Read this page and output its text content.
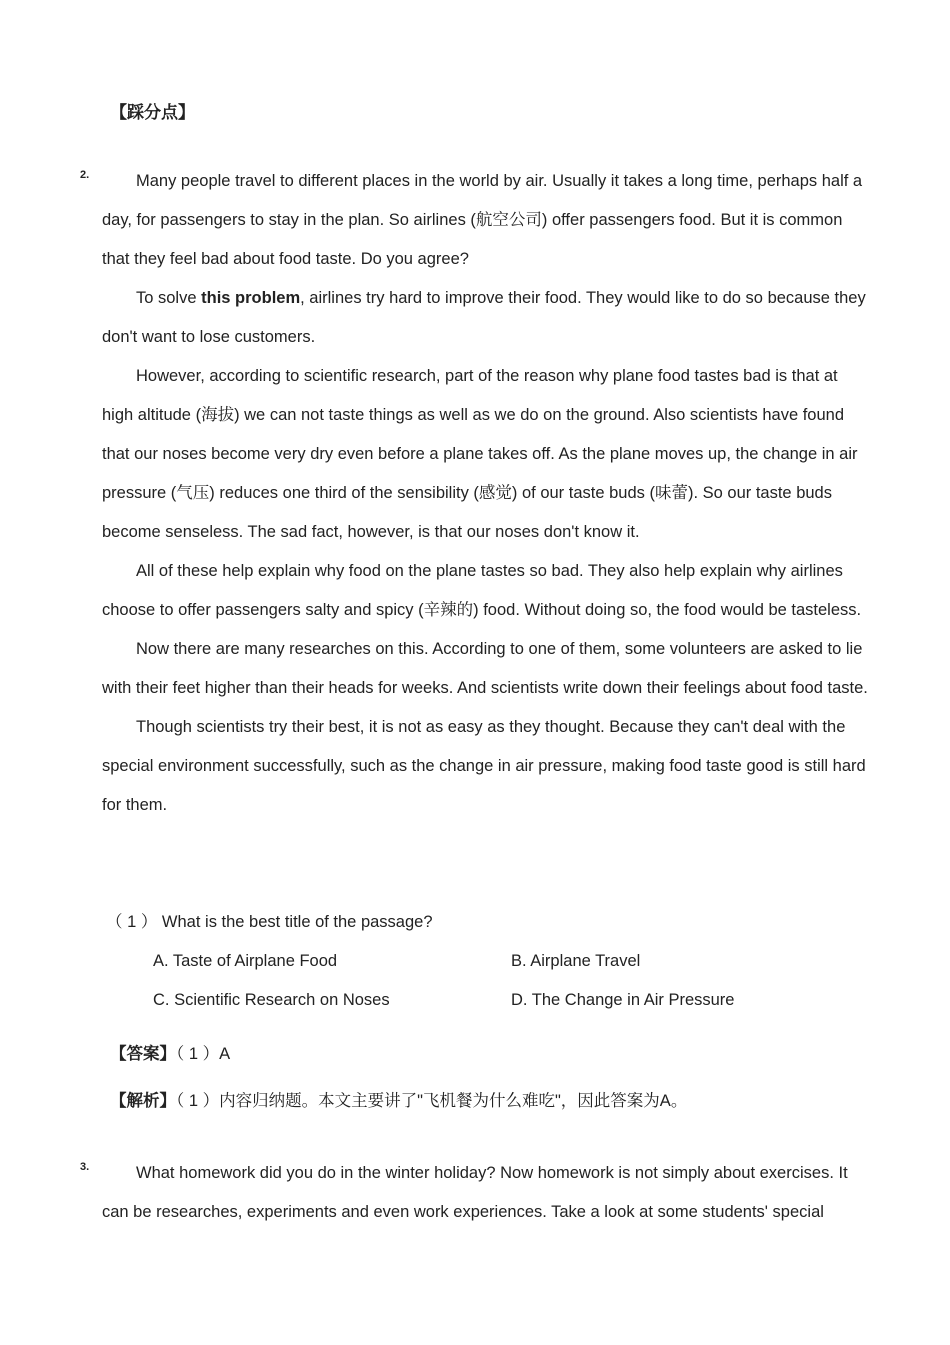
【踩分点】
2.	Many people travel to different places in the world by air. Usually it takes a long time, perhaps half a day, for passengers to stay in the plan. So airlines (航空公司) offer passengers food. But it is common that they feel bad about food taste. Do you agree?

To solve this problem, airlines try hard to improve their food. They would like to do so because they don't want to lose customers.

However, according to scientific research, part of the reason why plane food tastes bad is that at high altitude (海拔) we can not taste things as well as we do on the ground. Also scientists have found that our noses become very dry even before a plane takes off. As the plane moves up, the change in air pressure (气压) reduces one third of the sensibility (感觉) of our taste buds (味蕾). So our taste buds become senseless. The sad fact, however, is that our noses don't know it.

All of these help explain why food on the plane tastes so bad. They also help explain why airlines choose to offer passengers salty and spicy (辛辣的) food. Without doing so, the food would be tasteless.

Now there are many researches on this. According to one of them, some volunteers are asked to lie with their feet higher than their heads for weeks. And scientists write down their feelings about food taste.

Though scientists try their best, it is not as easy as they thought. Because they can't deal with the special environment successfully, such as the change in air pressure, making food taste good is still hard for them.

（ 1 ） What is the best title of the passage?
A. Taste of Airplane Food	B. Airplane Travel
C. Scientific Research on Noses	D. The Change in Air Pressure
【答案】（ 1 ）A
【解析】（ 1 ）内容归纳题。本文主要讲了"飞机餐为什么难吃"，因此答案为A。
3.	What homework did you do in the winter holiday? Now homework is not simply about exercises. It can be researches, experiments and even work experiences. Take a look at some students' special
